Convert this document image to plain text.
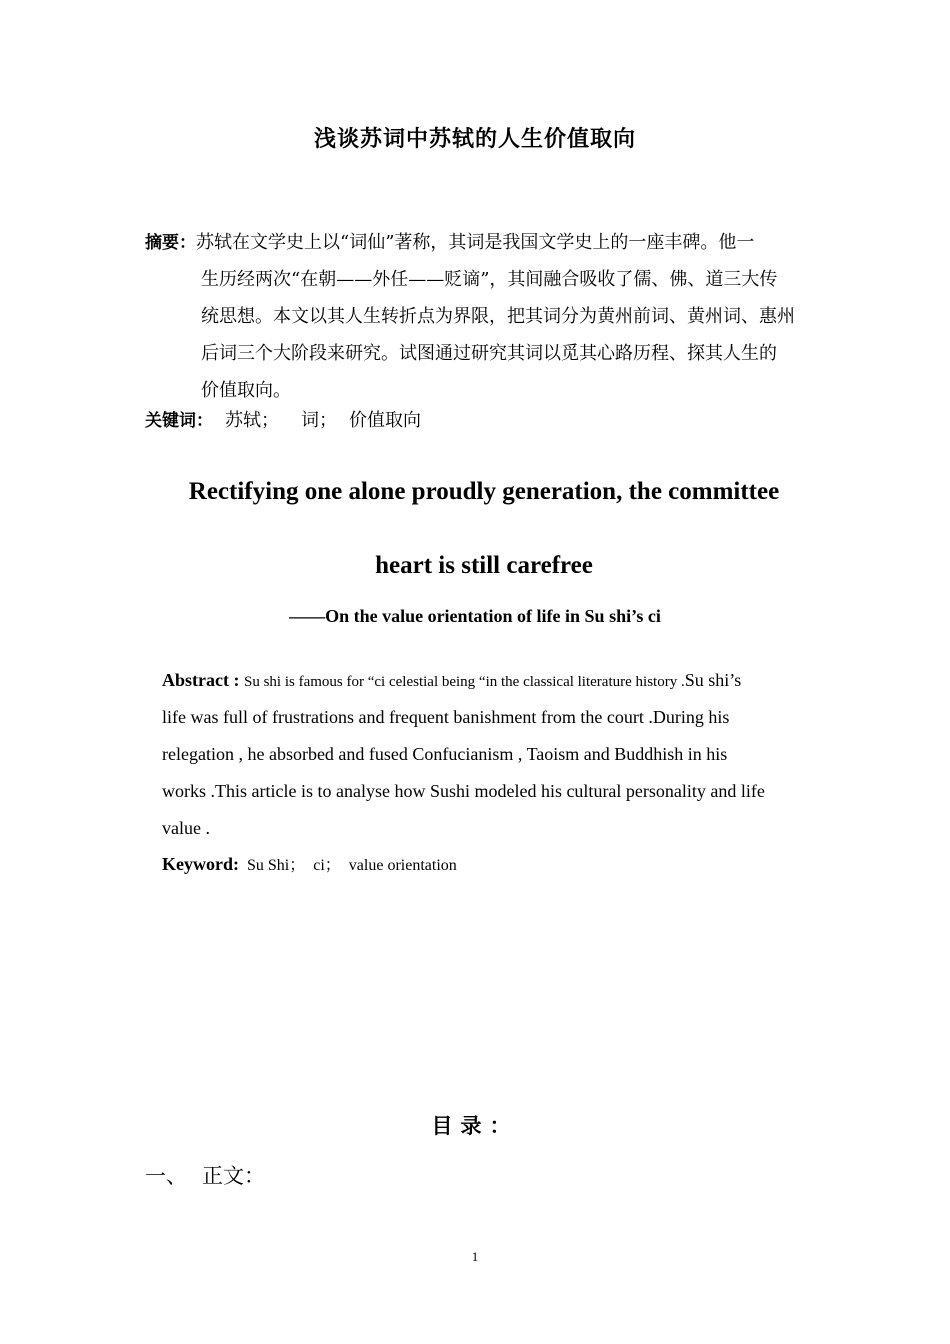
浅谈苏词中苏轼的人生价值取向
摘要：苏轼在文学史上以“词仙”著称，其词是我国文学史上的一座丰碑。他一
生历经两次“在朝——外任——贬谪”，其间融合吸收了儒、佛、道三大传
统思想。本文以其人生转折点为界限，把其词分为黄州前词、黄州词、惠州
后词三个大阶段来研究。试图通过研究其词以觅其心路历程、探其人生的
价值取向。
关键词： 苏轼； 词； 价值取向
Rectifying one alone proudly generation, the committee
heart is still carefree
——On the value orientation of life in Su shi’s ci
Abstract : Su shi is famous for “ci celestial being “in the classical literature history .Su shi’s
life was full of frustrations and frequent banishment from the court .During his
relegation , he absorbed and fused Confucianism , Taoism and Buddhish in his
works .This article is to analyse how Sushi modeled his cultural personality and life
value .
Keyword: Su Shi； ci； value orientation
目录：
一、 正文：
1
